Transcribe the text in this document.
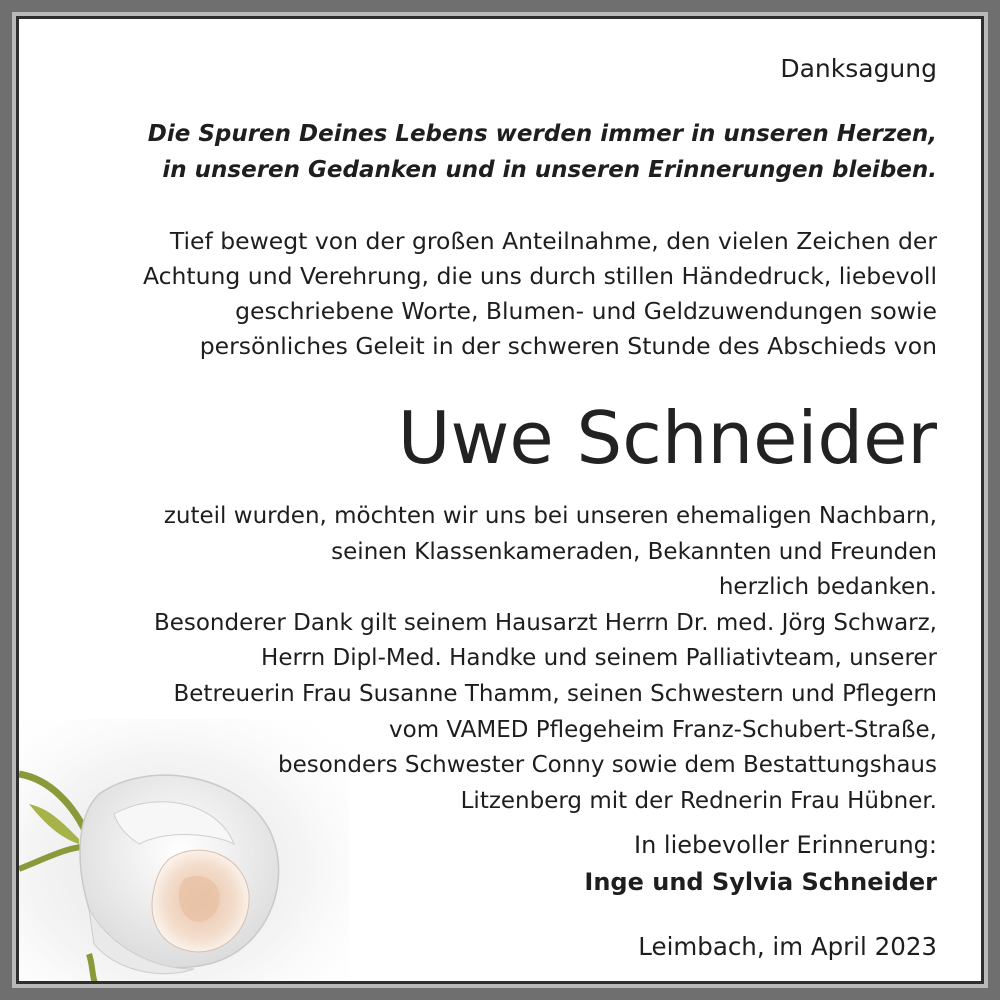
Danksagung
Die Spuren Deines Lebens werden immer in unseren Herzen,
in unseren Gedanken und in unseren Erinnerungen bleiben.
Tief bewegt von der großen Anteilnahme, den vielen Zeichen der
Achtung und Verehrung, die uns durch stillen Händedruck, liebevoll
geschriebene Worte, Blumen- und Geldzuwendungen sowie
persönliches Geleit in der schweren Stunde des Abschieds von
Uwe Schneider
zuteil wurden, möchten wir uns bei unseren ehemaligen Nachbarn,
seinen Klassenkameraden, Bekannten und Freunden
herzlich bedanken.
Besonderer Dank gilt seinem Hausarzt Herrn Dr. med. Jörg Schwarz,
Herrn Dipl-Med. Handke und seinem Palliativteam, unserer
Betreuerin Frau Susanne Thamm, seinen Schwestern und Pflegern
vom VAMED Pflegeheim Franz-Schubert-Straße,
besonders Schwester Conny sowie dem Bestattungshaus
Litzenberg mit der Rednerin Frau Hübner.
In liebevoller Erinnerung:
Inge und Sylvia Schneider
Leimbach, im April 2023
